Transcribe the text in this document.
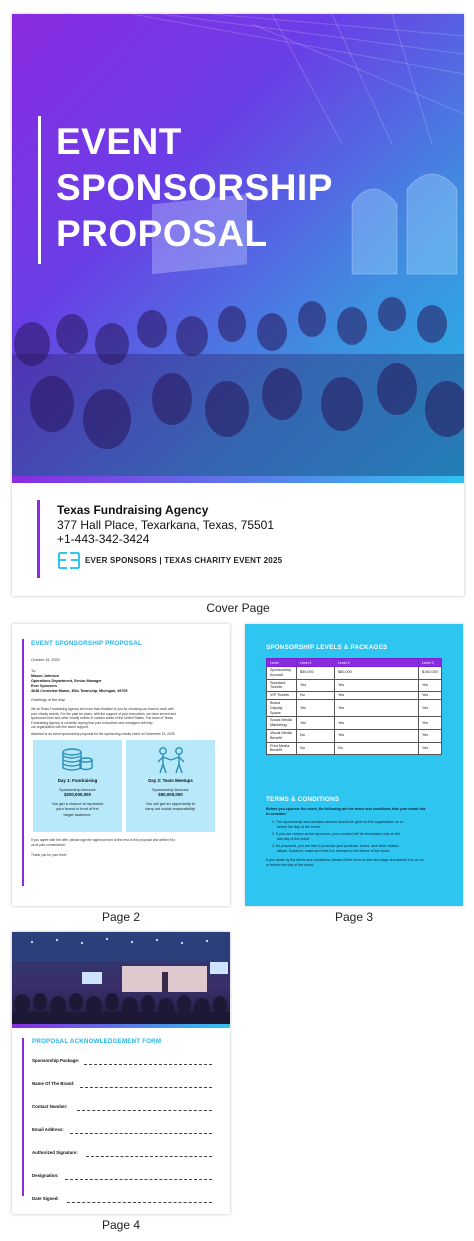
EVENT
SPONSORSHIP
PROPOSAL
Texas Fundraising Agency
377 Hall Place, Texarkana, Texas, 75501
+1-443-342-3424
EVER SPONSORS | TEXAS CHARITY EVENT 2025
Cover Page
EVENT SPONSORSHIP PROPOSAL
October 15, 2025
To:
Mason Johnson
Operations Department, Senior Manager
Ever Sponsors
3648 Crestview Manor, Ellis Township, Michigan, 49705
Greetings of the day!
We at Texas Fundraising Agency are more than thankful to you for choosing our team to work with
your charity events. For the past six years, with the support of your executives, we have served and
sponsored ever and other charity events in various areas of the United States. The team of Texas
Fundraising Agency is currently hoping that your executives and managers will help
our organization with the same support.
Attached is an event sponsorship proposal for the sponsoring charity event on December 15, 2025.
Day 1: Fundraising
Sponsorship Amount:
$200,000,000
You get a chance to represent
your brand in front of the
target audience.
Day 2: Team Meetups
Sponsorship Amount:
$50,000,000
You will get an opportunity to
carry out social responsibility.
If you agree with the offer, please sign the approval form at the end of this proposal and deliver it to
us at your convenience.
Thank you for your time!
Page 2
SPONSORSHIP LEVELS & PACKAGES
Level	Level 1	Level 2	Level 3
Sponsorship Amount	$50,000	$80,000	$150,000
Standard Tickets	Yes	Yes	Yes
VIP Tickets	No	Yes	Yes
Brand Display Space	Yes	Yes	Yes
Social Media Marketing	Yes	Yes	Yes
Visual Media Benefit	No	Yes	Yes
Print Media Benefit	No	No	Yes
TERMS & CONDITIONS
Before you sponsor the event, the following are the terms and conditions that your brand has
to consider:
1. The sponsorship and donation amount should be given to the organization on or
before the day of the event.
2. If you are chosen as the sponsors, your contract will be terminated only on the
last day of the event.
3. As proposed, you are free to promote your products, brand, and other related
affairs. However, make sure that it is relevant to the theme of the event.
If you abide by the terms and conditions, please fill the form on the next page and submit it to us on
or before the day of the event.
Page 3
PROPOSAL ACKNOWLEDGEMENT FORM
Sponsorship Package:
Name Of The Brand:
Contact Number:
Email Address:
Authorized Signature:
Designation:
Date Signed:
Page 4
